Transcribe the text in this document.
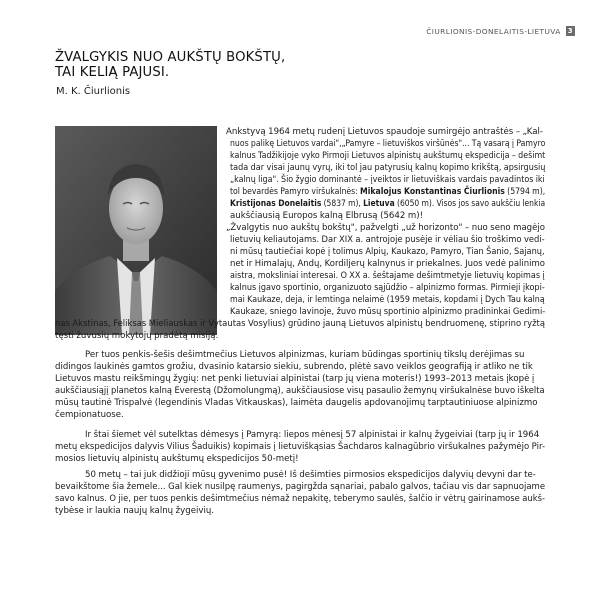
ČIURLIONIS-DONELAITIS-LIETUVA 3
ŽVALGYKIS NUO AUKŠTŲ BOKŠTŲ,
TAI KELIĄ PAJUSI.

M. K. Čiurlionis

Ankstyvą 1964 metų rudenį Lietuvos spaudoje sumirgėjo antraštės – „Kal-
nuos palikę Lietuvos vardai",„Pamyre – lietuviškos viršūnės"... Tą vasarą į Pamyro
kalnus Tadžikijoje vyko Pirmoji Lietuvos alpinistų aukštumų ekspedicija – dešimt
tada dar visai jaunų vyrų, iki tol jau patyrusių kalnų kopimo krikštą, apsirgusių
„kalnų liga". Šio žygio dominantė – įveiktos ir lietuviškais vardais pavadintos iki
tol bevardės Pamyro viršukalnės: Mikalojus Konstantinas Čiurlionis (5794 m),
Kristijonas Donelaitis (5837 m), Lietuva (6050 m). Visos jos savo aukščiu lenkia
aukščiausią Europos kalną Elbrusą (5642 m)!
„Žvalgytis nuo aukštų bokštų", pažvelgti „už horizonto" – nuo seno magėjo
lietuvių keliautojams. Dar XIX a. antrojoje pusėje ir vėliau šio troškimo vedi-
ni mūsų tautiečiai kopė į tolimus Alpių, Kaukazo, Pamyro, Tian Šanio, Sajanų,
net ir Himalajų, Andų, Kordiljerų kalnynus ir priekalnes. Juos vedė palinimo
aistra, moksliniai interesai. O XX a. šeštajame dešimtmetyje lietuvių kopimas į
kalnus įgavo sportinio, organizuoto sąjūdžio – alpinizmo formas. Pirmieji įkopi-
mai Kaukaze, deja, ir lemtinga nelaimė (1959 metais, kopdami į Dych Tau kalną
Kaukaze, sniego lavinoje, žuvo mūsų sportinio alpinizmo pradininkai Gedimi-
nas Akstinas, Feliksas Mieliauskas ir Vytautas Vosylius) grūdino jauną Lietuvos alpinistų bendruomenę, stiprino ryžtą
tęsti žuvusių mokytojų pradėtą misiją.
Per tuos penkis-šešis dešimtmečius Lietuvos alpinizmas, kuriam būdingas sportinių tikslų derėjimas su
didingos laukinės gamtos grožiu, dvasinio katarsio siekiu, subrendo, plėtė savo veiklos geografiją ir atliko ne tik
Lietuvos mastu reikšmingų žygių: net penki lietuviai alpinistai (tarp jų viena moteris!) 1993–2013 metais įkopė į
aukščiausiąjį planetos kalną Everestą (Džomolungmą), aukščiausiose visų pasaulio žemynų viršukalnėse buvo iškelta
mūsų tautinė Trispalvė (legendinis Vladas Vitkauskas), laimėta daugelis apdovanojimų tarptautiniuose alpinizmo
čempionatuose.
Ir štai šiemet vėl sutelktas dėmesys į Pamyrą: liepos mėnesį 57 alpinistai ir kalnų žygeiviai (tarp jų ir 1964
metų ekspedicijos dalyvis Vilius Šaduikis) kopimais į lietuviškąsias Šachdaros kalnagūbrio viršukalnes pažymėjo Pir-
mosios lietuvių alpinistų aukštumų ekspedicijos 50-metį!
50 metų – tai juk didžioji mūsų gyvenimo pusė! Iš dešimties pirmosios ekspedicijos dalyvių devyni dar te-
bevaikštome šia žemele... Gal kiek nusilpę raumenys, pagirgžda sąnariai, pabalo galvos, tačiau vis dar sapnuojame
savo kalnus. O jie, per tuos penkis dešimtmečius nėmaž nepakitę, teberymo saulės, šalčio ir vėtrų gairinamose aukš-
tybėse ir laukia naujų kalnų žygeivių.
